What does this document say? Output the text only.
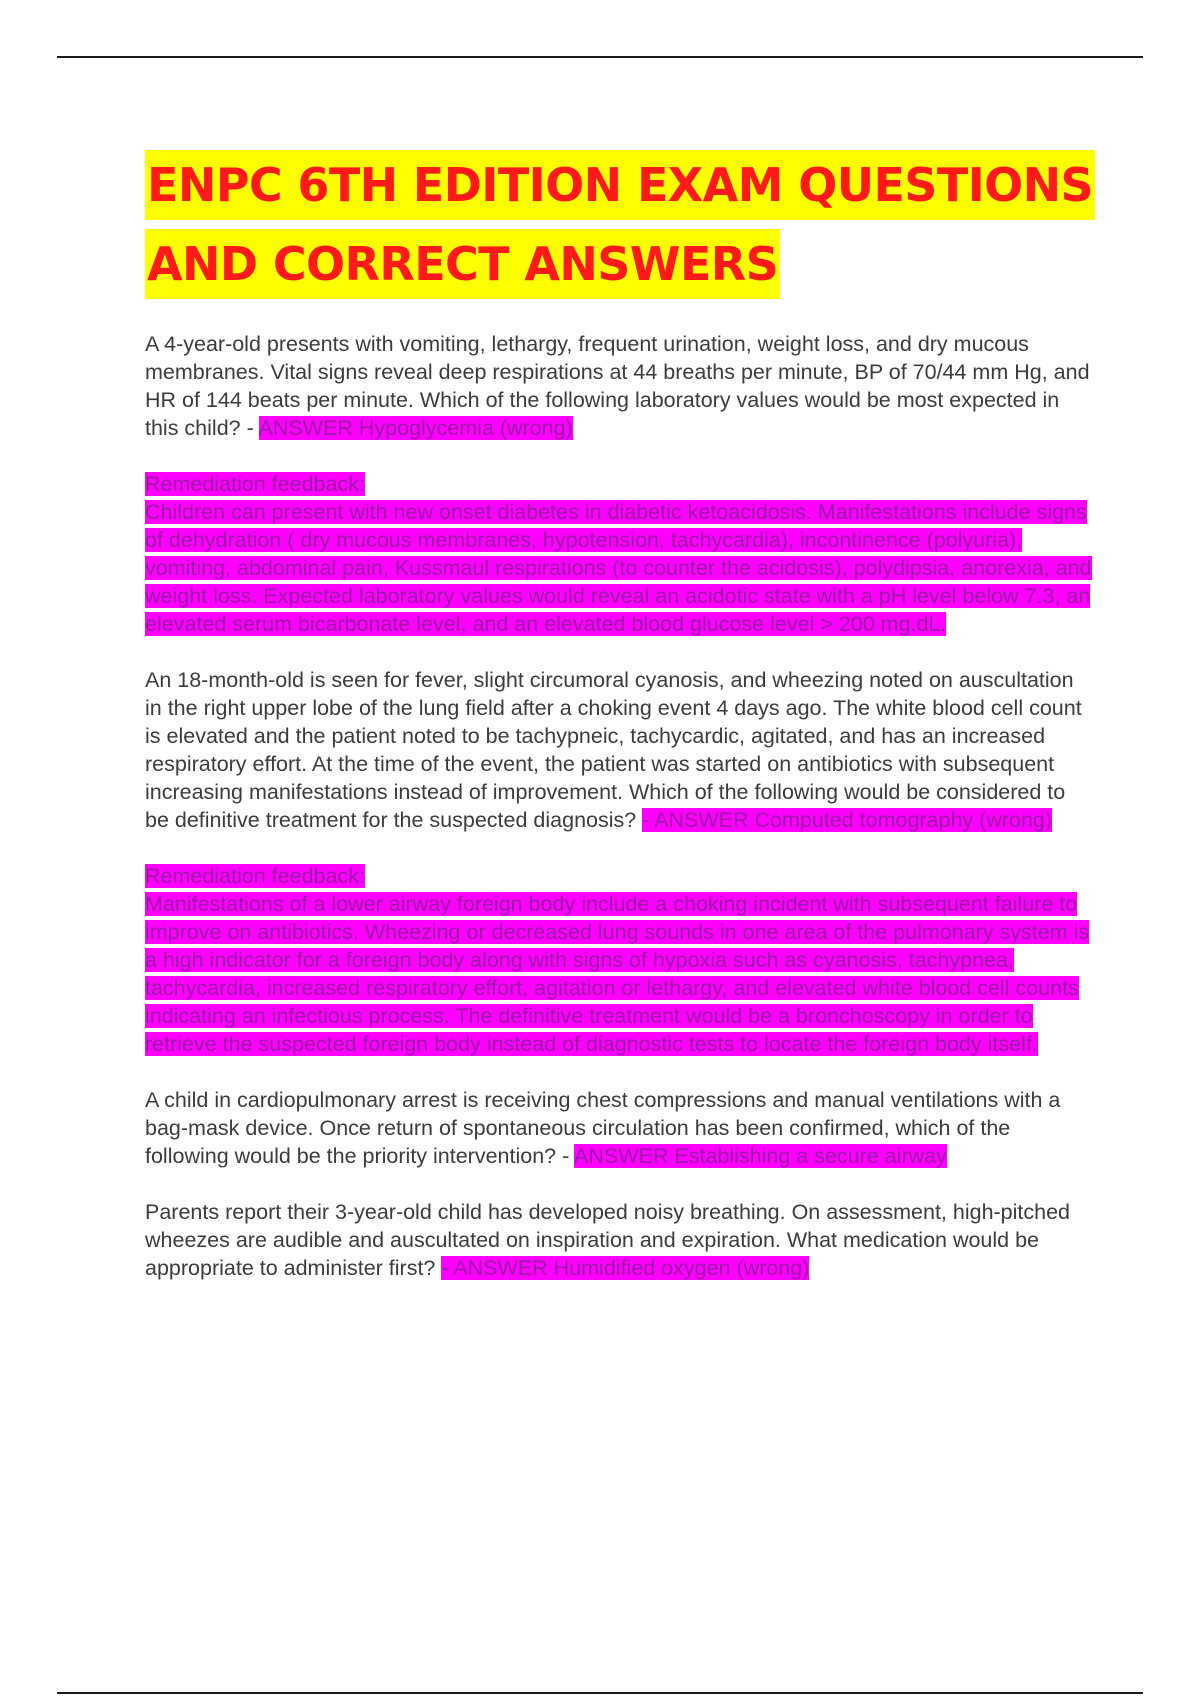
ENPC 6TH EDITION EXAM QUESTIONS
AND CORRECT ANSWERS

A 4-year-old presents with vomiting, lethargy, frequent urination, weight loss, and dry mucous membranes. Vital signs reveal deep respirations at 44 breaths per minute, BP of 70/44 mm Hg, and HR of 144 beats per minute. Which of the following laboratory values would be most expected in this child? - ANSWER Hypoglycemia (wrong)

Remediation feedback:
Children can present with new onset diabetes in diabetic ketoacidosis. Manifestations include signs of dehydration ( dry mucous membranes, hypotension, tachycardia), incontinence (polyuria), vomiting, abdominal pain, Kussmaul respirations (to counter the acidosis), polydipsia, anorexia, and weight loss. Expected laboratory values would reveal an acidotic state with a pH level below 7.3, an elevated serum bicarbonate level, and an elevated blood glucose level > 200 mg.dL.

An 18-month-old is seen for fever, slight circumoral cyanosis, and wheezing noted on auscultation in the right upper lobe of the lung field after a choking event 4 days ago. The white blood cell count is elevated and the patient noted to be tachypneic, tachycardic, agitated, and has an increased respiratory effort. At the time of the event, the patient was started on antibiotics with subsequent increasing manifestations instead of improvement. Which of the following would be considered to be definitive treatment for the suspected diagnosis? - ANSWER Computed tomography (wrong)

Remediation feedback:
Manifestations of a lower airway foreign body include a choking incident with subsequent failure to improve on antibiotics. Wheezing or decreased lung sounds in one area of the pulmonary system is a high indicator for a foreign body along with signs of hypoxia such as cyanosis, tachypnea, tachycardia, increased respiratory effort, agitation or lethargy, and elevated white blood cell counts indicating an infectious process. The definitive treatment would be a bronchoscopy in order to retrieve the suspected foreign body instead of diagnostic tests to locate the foreign body itself.

A child in cardiopulmonary arrest is receiving chest compressions and manual ventilations with a bag-mask device. Once return of spontaneous circulation has been confirmed, which of the following would be the priority intervention? - ANSWER Establishing a secure airway

Parents report their 3-year-old child has developed noisy breathing. On assessment, high-pitched wheezes are audible and auscultated on inspiration and expiration. What medication would be appropriate to administer first? - ANSWER Humidified oxygen (wrong)
